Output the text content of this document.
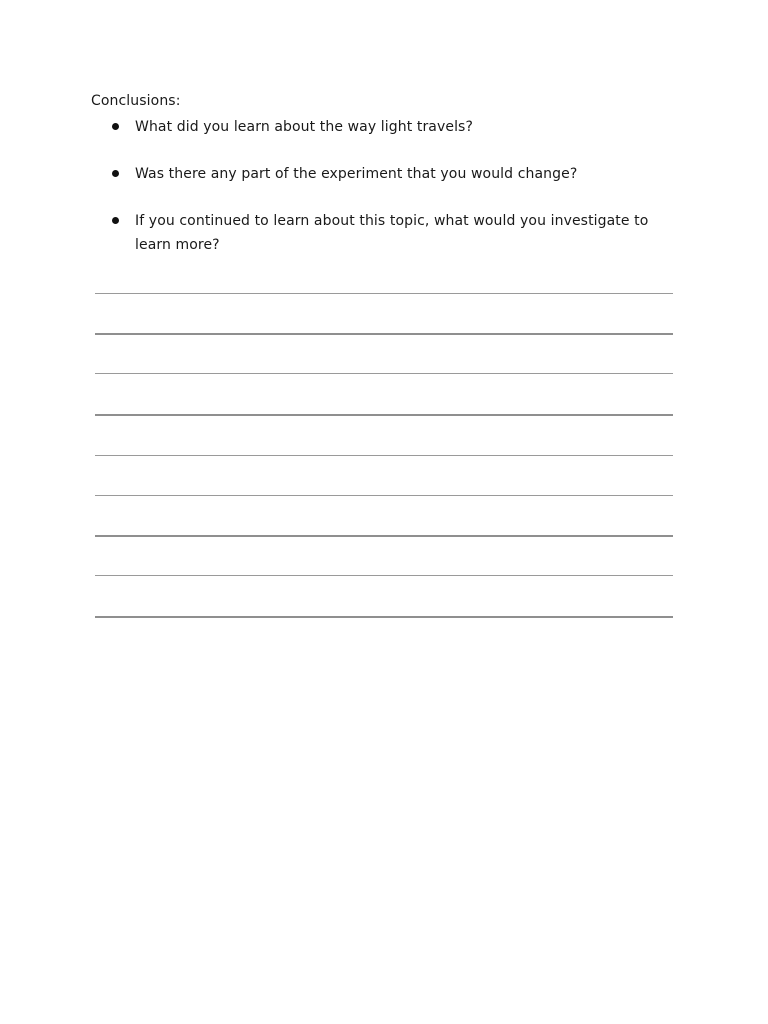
Conclusions:
What did you learn about the way light travels?
Was there any part of the experiment that you would change?
If you continued to learn about this topic, what would you investigate to learn more?
